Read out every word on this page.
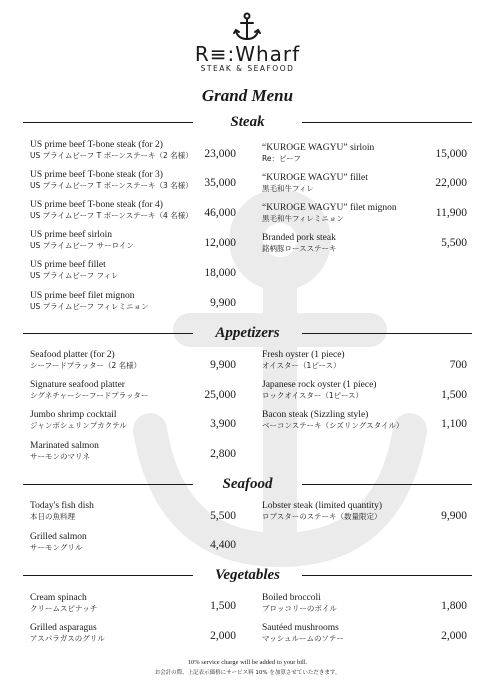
R≡:Wharf
STEAK & SEAFOOD
Grand Menu
Steak
US prime beef T-bone steak (for 2)
US プライムビーフ T ボーンステーキ（2 名様）	23,000
US prime beef T-bone steak (for 3)
US プライムビーフ T ボーンステーキ（3 名様）	35,000
US prime beef T-bone steak (for 4)
US プライムビーフ T ボーンステーキ（4 名様）	46,000
US prime beef sirloin
US プライムビーフ サーロイン	12,000
US prime beef fillet
US プライムビーフ フィレ	18,000
US prime beef filet mignon
US プライムビーフ フィレミニョン	9,900
“KUROGE WAGYU” sirloin
Re：ビーフ	15,000
“KUROGE WAGYU” fillet
黒毛和牛フィレ	22,000
“KUROGE WAGYU” filet mignon
黒毛和牛フィレミニョン	11,900
Branded pork steak
銘柄豚ロースステーキ	5,500
Appetizers
Seafood platter (for 2)
シーフードプラッター（2 名様）	9,900
Signature seafood platter
シグネチャーシーフードプラッター	25,000
Jumbo shrimp cocktail
ジャンボシュリンプカクテル	3,900
Marinated salmon
サーモンのマリネ	2,800
Fresh oyster (1 piece)
オイスター（1ピース）	700
Japanese rock oyster (1 piece)
ロックオイスター（1ピース）	1,500
Bacon steak (Sizzling style)
ベーコンステーキ（シズリングスタイル）	1,100
Seafood
Today's fish dish
本日の魚料理	5,500
Grilled salmon
サーモングリル	4,400
Lobster steak (limited quantity)
ロブスターのステーキ（数量限定）	9,900
Vegetables
Cream spinach
クリームスピナッチ	1,500
Grilled asparagus
アスパラガスのグリル	2,000
Boiled broccoli
ブロッコリーのボイル	1,800
Sautéed mushrooms
マッシュルームのソテー	2,000
10% service charge will be added to your bill.
お会計の際、上記表示価格にサービス料 10% を加算させていただきます。
